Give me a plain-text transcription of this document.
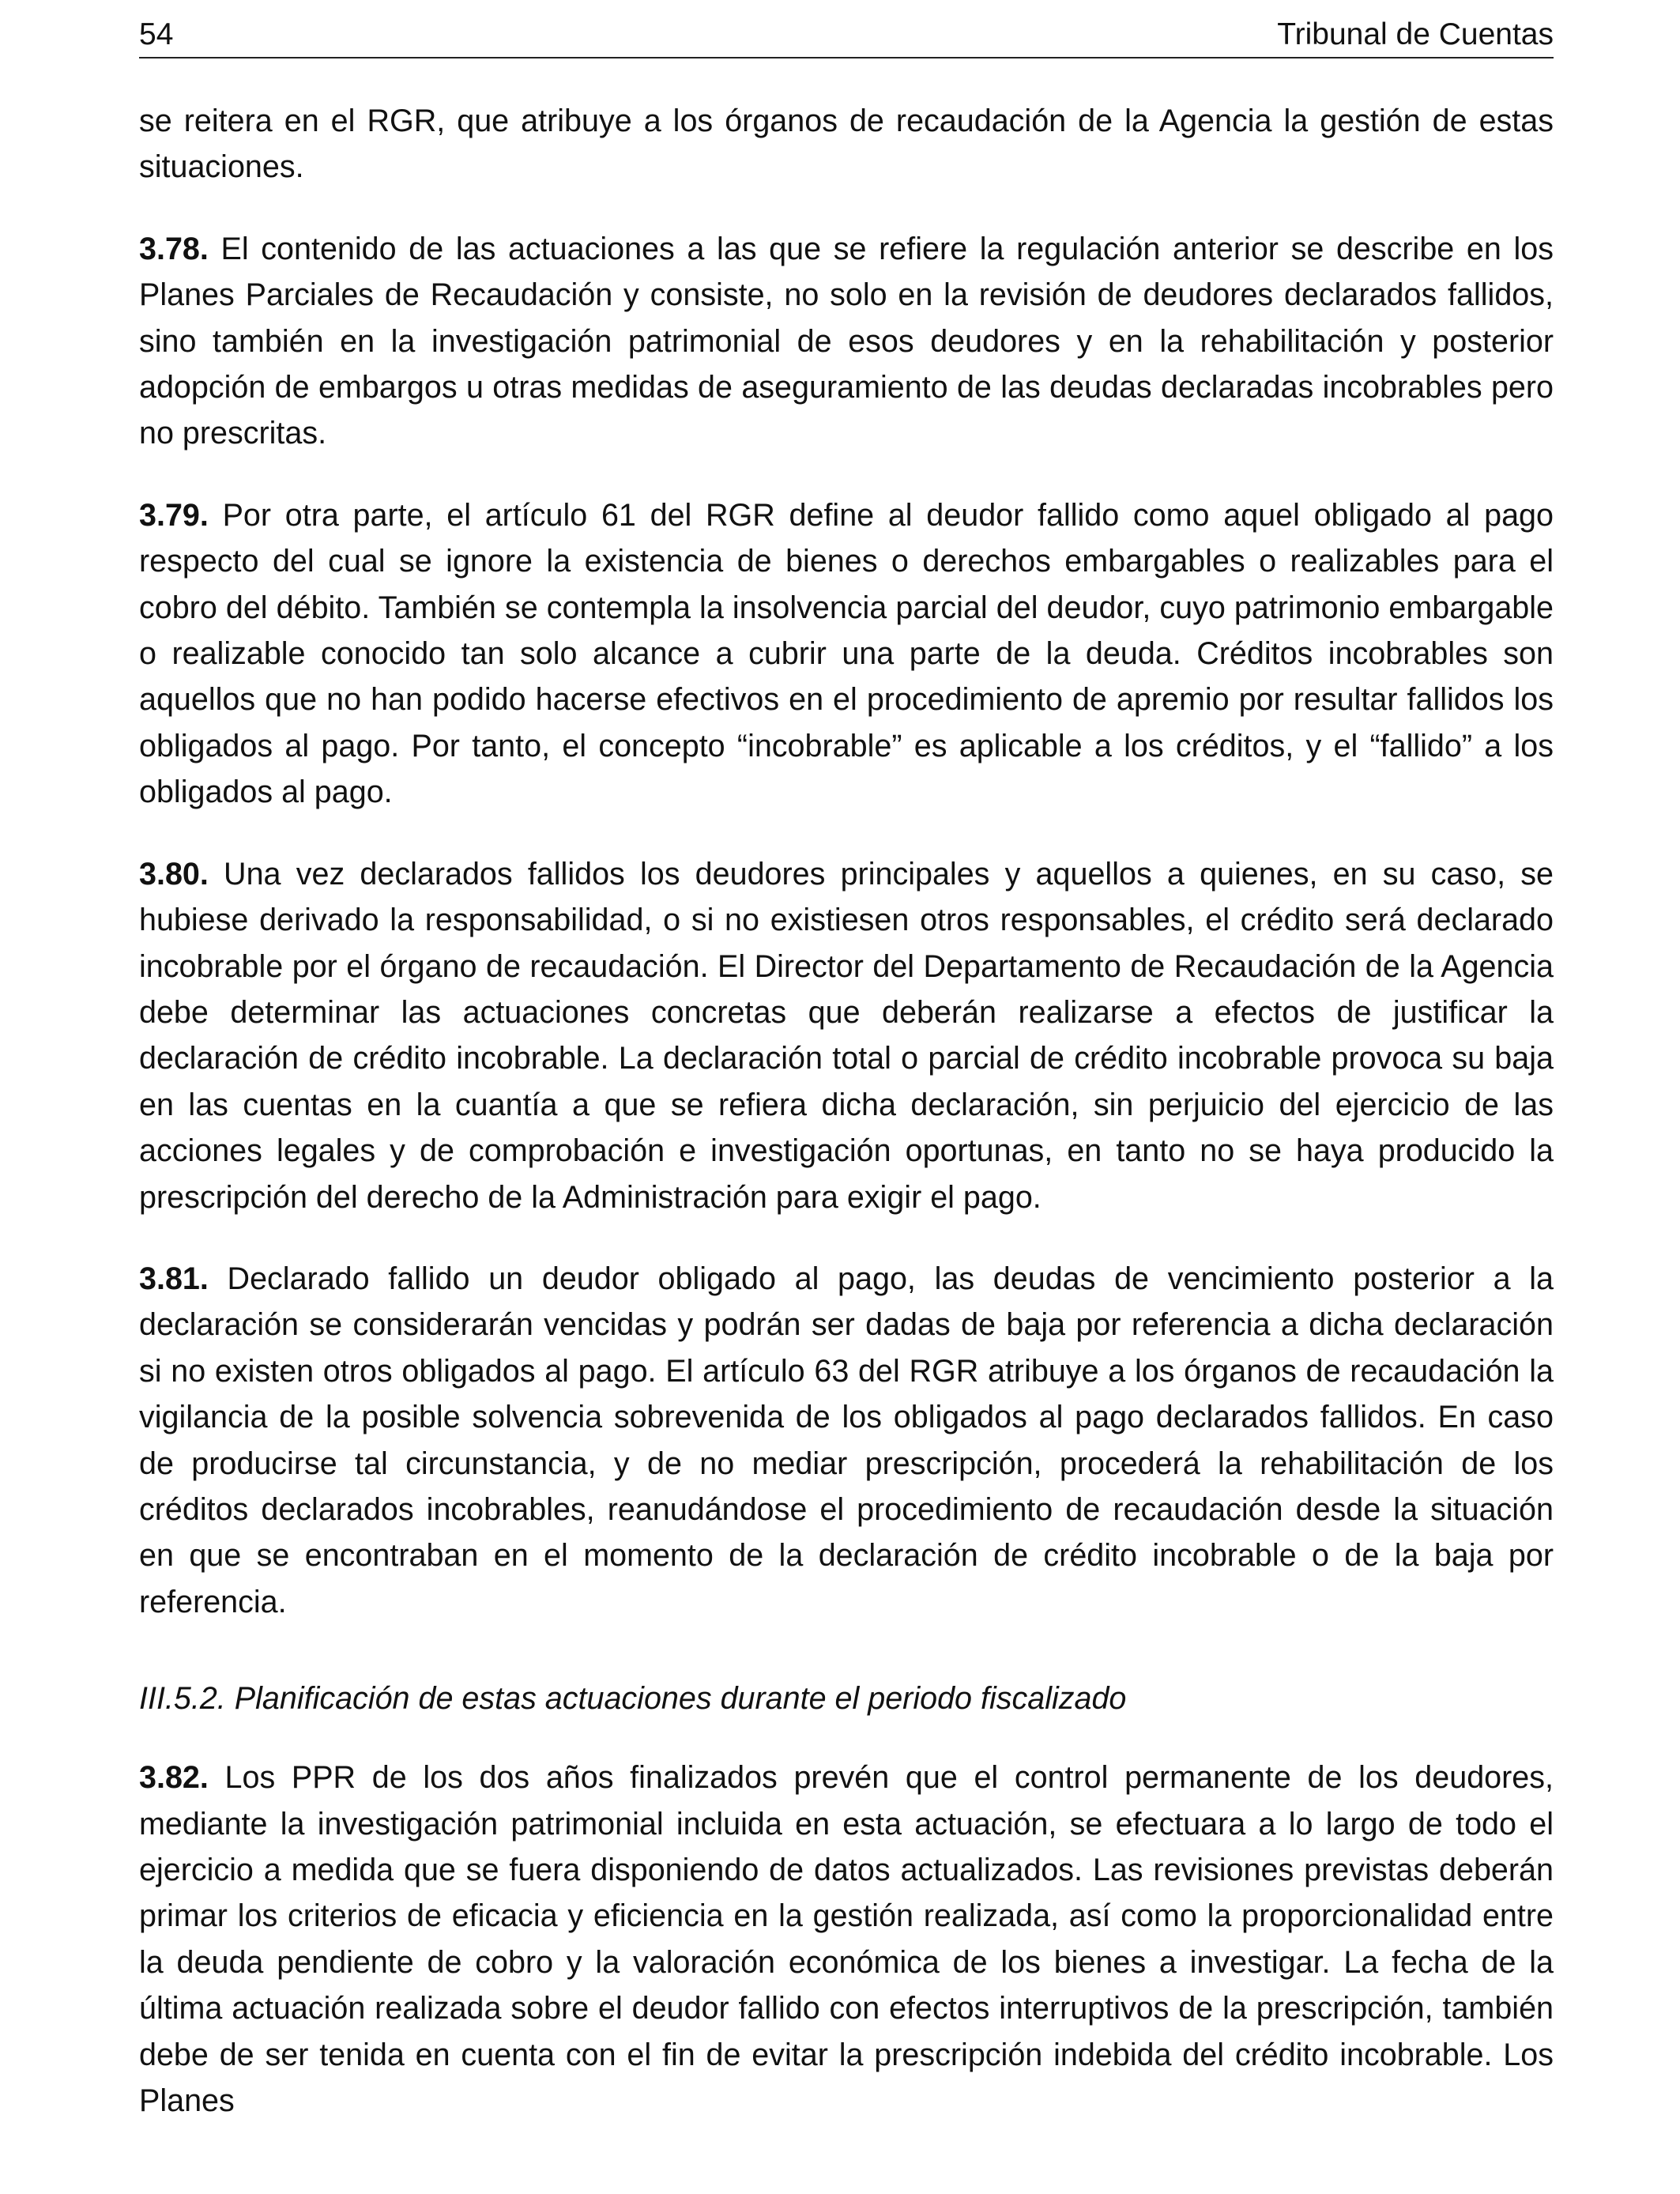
54	Tribunal de Cuentas

se reitera en el RGR, que atribuye a los órganos de recaudación de la Agencia la gestión de estas situaciones.

3.78. El contenido de las actuaciones a las que se refiere la regulación anterior se describe en los Planes Parciales de Recaudación y consiste, no solo en la revisión de deudores declarados fallidos, sino también en la investigación patrimonial de esos deudores y en la rehabilitación y posterior adopción de embargos u otras medidas de aseguramiento de las deudas declaradas incobrables pero no prescritas.

3.79. Por otra parte, el artículo 61 del RGR define al deudor fallido como aquel obligado al pago respecto del cual se ignore la existencia de bienes o derechos embargables o realizables para el cobro del débito. También se contempla la insolvencia parcial del deudor, cuyo patrimonio embargable o realizable conocido tan solo alcance a cubrir una parte de la deuda. Créditos incobrables son aquellos que no han podido hacerse efectivos en el procedimiento de apremio por resultar fallidos los obligados al pago. Por tanto, el concepto “incobrable” es aplicable a los créditos, y el “fallido” a los obligados al pago.

3.80. Una vez declarados fallidos los deudores principales y aquellos a quienes, en su caso, se hubiese derivado la responsabilidad, o si no existiesen otros responsables, el crédito será declarado incobrable por el órgano de recaudación. El Director del Departamento de Recaudación de la Agencia debe determinar las actuaciones concretas que deberán realizarse a efectos de justificar la declaración de crédito incobrable. La declaración total o parcial de crédito incobrable provoca su baja en las cuentas en la cuantía a que se refiera dicha declaración, sin perjuicio del ejercicio de las acciones legales y de comprobación e investigación oportunas, en tanto no se haya producido la prescripción del derecho de la Administración para exigir el pago.

3.81. Declarado fallido un deudor obligado al pago, las deudas de vencimiento posterior a la declaración se considerarán vencidas y podrán ser dadas de baja por referencia a dicha declaración si no existen otros obligados al pago. El artículo 63 del RGR atribuye a los órganos de recaudación la vigilancia de la posible solvencia sobrevenida de los obligados al pago declarados fallidos. En caso de producirse tal circunstancia, y de no mediar prescripción, procederá la rehabilitación de los créditos declarados incobrables, reanudándose el procedimiento de recaudación desde la situación en que se encontraban en el momento de la declaración de crédito incobrable o de la baja por referencia.

III.5.2. Planificación de estas actuaciones durante el periodo fiscalizado

3.82. Los PPR de los dos años finalizados prevén que el control permanente de los deudores, mediante la investigación patrimonial incluida en esta actuación, se efectuara a lo largo de todo el ejercicio a medida que se fuera disponiendo de datos actualizados. Las revisiones previstas deberán primar los criterios de eficacia y eficiencia en la gestión realizada, así como la proporcionalidad entre la deuda pendiente de cobro y la valoración económica de los bienes a investigar. La fecha de la última actuación realizada sobre el deudor fallido con efectos interruptivos de la prescripción, también debe de ser tenida en cuenta con el fin de evitar la prescripción indebida del crédito incobrable. Los Planes
